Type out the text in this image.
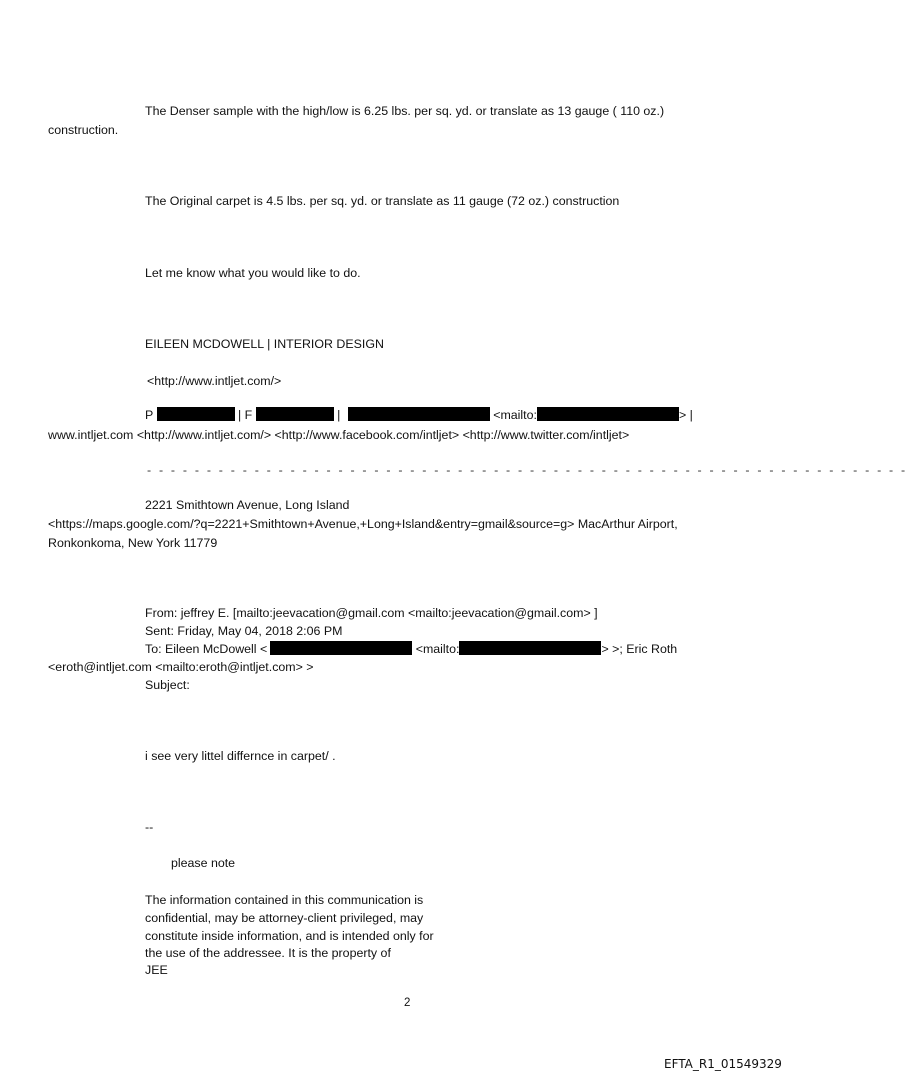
The Denser sample with the high/low is 6.25 lbs. per sq. yd. or translate as 13 gauge ( 110 oz.)
construction.
The Original carpet is 4.5 lbs. per sq. yd. or translate as 11 gauge (72 oz.) construction
Let me know what you would like to do.
EILEEN MCDOWELL | INTERIOR DESIGN
<http://www.intljet.com/>
P	| F	|	<mailto:	> |
www.intljet.com <http://www.intljet.com/> <http://www.facebook.com/intljet> <http://www.twitter.com/intljet>
- - - - - - - - - - - - - - - - - - - - - - - - - - - - - - - - - - - - - - - - - - - - - - - - - - - - - - - - - - - - - - - -
2221 Smithtown Avenue, Long Island
<https://maps.google.com/?q=2221+Smithtown+Avenue,+Long+Island&entry=gmail&source=g> MacArthur Airport,
Ronkonkoma, New York 11779
From: jeffrey E. [mailto:jeevacation@gmail.com <mailto:jeevacation@gmail.com> ]
Sent: Friday, May 04, 2018 2:06 PM
To: Eileen McDowell <	<mailto:	> >; Eric Roth
<eroth@intljet.com <mailto:eroth@intljet.com> >
Subject:
i see very littel differnce in carpet/ .
--
please note
The information contained in this communication is
confidential, may be attorney-client privileged, may
constitute inside information, and is intended only for
the use of the addressee. It is the property of
JEE
2
EFTA_R1_01549329
